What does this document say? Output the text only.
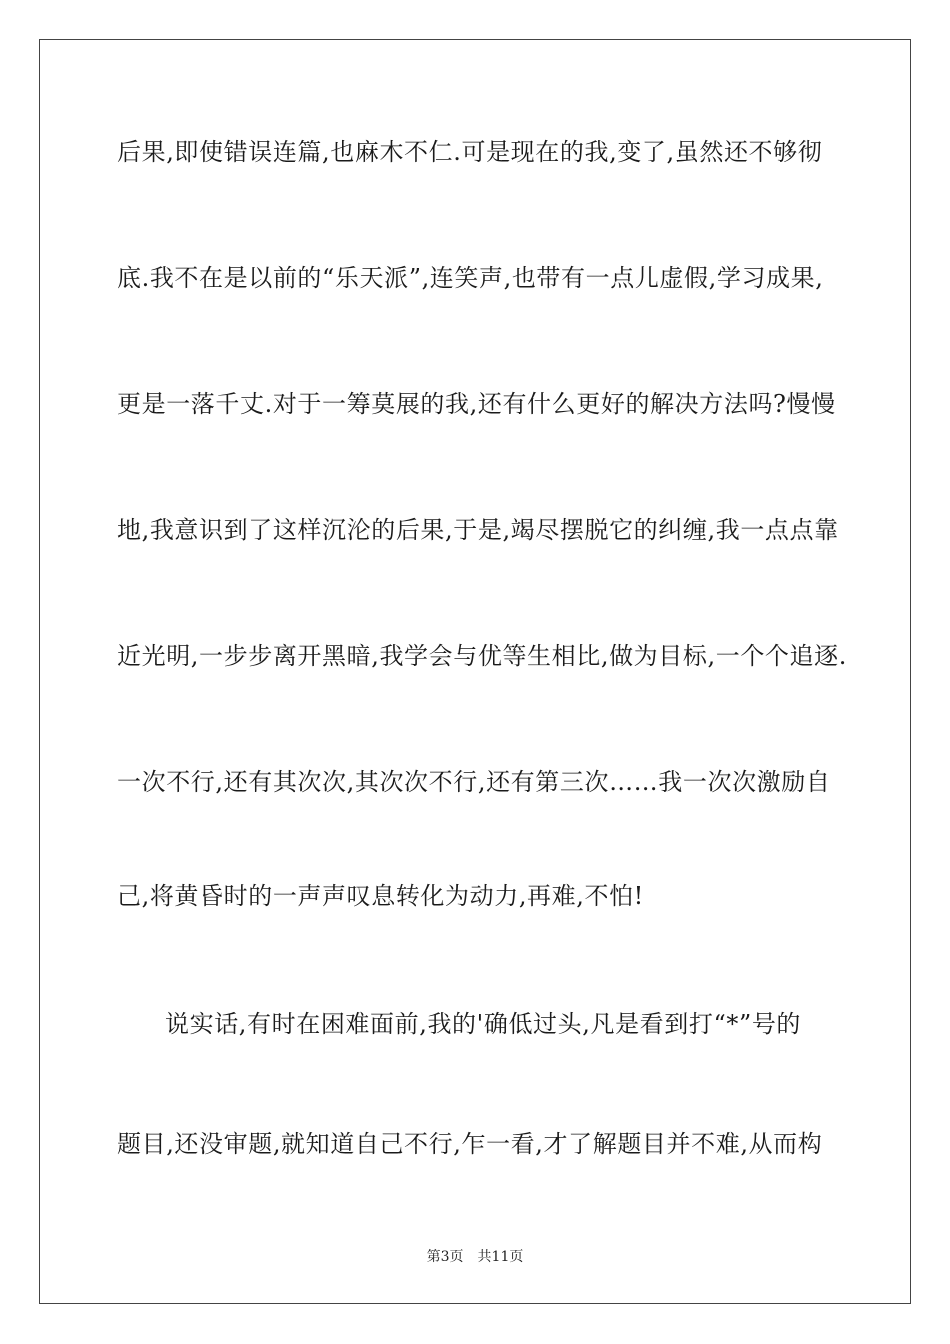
后果,即使错误连篇,也麻木不仁.可是现在的我,变了,虽然还不够彻
底.我不在是以前的“乐天派”,连笑声,也带有一点儿虚假,学习成果,
更是一落千丈.对于一筹莫展的我,还有什么更好的解决方法吗?慢慢
地,我意识到了这样沉沦的后果,于是,竭尽摆脱它的纠缠,我一点点靠
近光明,一步步离开黑暗,我学会与优等生相比,做为目标,一个个追逐.
一次不行,还有其次次,其次次不行,还有第三次……我一次次激励自
己,将黄昏时的一声声叹息转化为动力,再难,不怕!
说实话,有时在困难面前,我的'确低过头,凡是看到打“*”号的
题目,还没审题,就知道自己不行,乍一看,才了解题目并不难,从而构
第3页 共11页
